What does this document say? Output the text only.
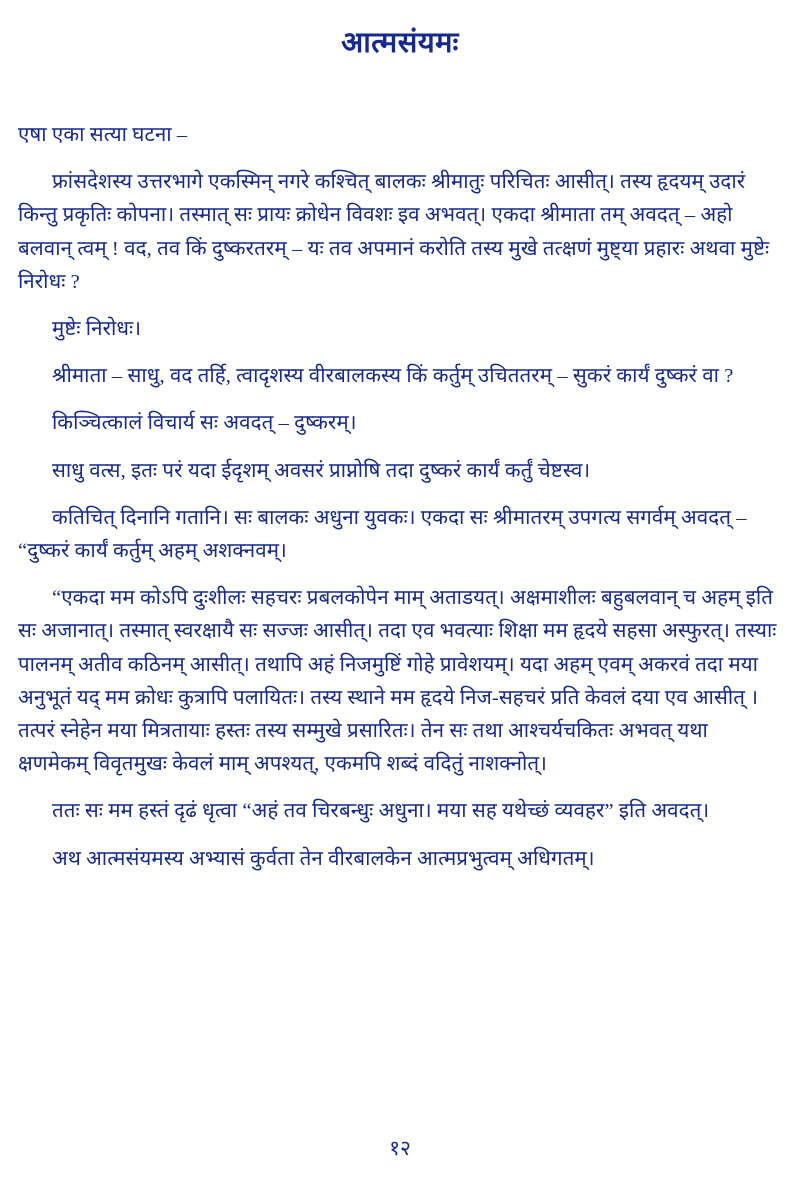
आत्मसंयमः

एषा एका सत्या घटना –

फ्रांसदेशस्य उत्तरभागे एकस्मिन् नगरे कश्चित् बालकः श्रीमातुः परिचितः आसीत्। तस्य हृदयम् उदारं किन्तु प्रकृतिः कोपना। तस्मात् सः प्रायः क्रोधेन विवशः इव अभवत्। एकदा श्रीमाता तम् अवदत् – अहो बलवान् त्वम् ! वद, तव किं दुष्करतरम् – यः तव अपमानं करोति तस्य मुखे तत्क्षणं मुष्ट्या प्रहारः अथवा मुष्टेः निरोधः ?

मुष्टेः निरोधः।

श्रीमाता – साधु, वद तर्हि, त्वादृशस्य वीरबालकस्य किं कर्तुम् उचिततरम् – सुकरं कार्यं दुष्करं वा ?

किञ्चित्कालं विचार्य सः अवदत् – दुष्करम्।

साधु वत्स, इतः परं यदा ईदृशम् अवसरं प्राप्नोषि तदा दुष्करं कार्यं कर्तुं चेष्टस्व।

कतिचित् दिनानि गतानि। सः बालकः अधुना युवकः। एकदा सः श्रीमातरम् उपगत्य सगर्वम् अवदत् – “दुष्करं कार्यं कर्तुम् अहम् अशक्नवम्।

“एकदा मम कोऽपि दुःशीलः सहचरः प्रबलकोपेन माम् अताडयत्। अक्षमाशीलः बहुबलवान् च अहम् इति सः अजानात्। तस्मात् स्वरक्षायै सः सज्जः आसीत्। तदा एव भवत्याः शिक्षा मम हृदये सहसा अस्फुरत्। तस्याः पालनम् अतीव कठिनम् आसीत्। तथापि अहं निजमुष्टिं गोहे प्रावेशयम्। यदा अहम् एवम् अकरवं तदा मया अनुभूतं यद् मम क्रोधः कुत्रापि पलायितः। तस्य स्थाने मम हृदये निज-सहचरं प्रति केवलं दया एव आसीत् । तत्परं स्नेहेन मया मित्रतायाः हस्तः तस्य सम्मुखे प्रसारितः। तेन सः तथा आश्चर्यचकितः अभवत् यथा क्षणमेकम् विवृतमुखः केवलं माम् अपश्यत्, एकमपि शब्दं वदितुं नाशक्नोत्।

ततः सः मम हस्तं दृढं धृत्वा “अहं तव चिरबन्धुः अधुना। मया सह यथेच्छं व्यवहर” इति अवदत्।

अथ आत्मसंयमस्य अभ्यासं कुर्वता तेन वीरबालकेन आत्मप्रभुत्वम् अधिगतम्।

१२
